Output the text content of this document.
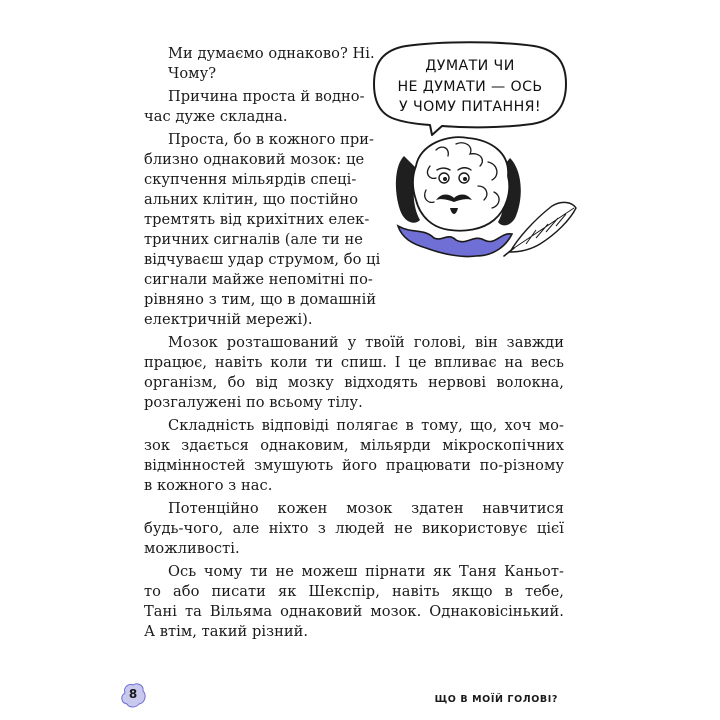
Ми думаємо однаково? Ні.
Чому?
Причина проста й водно-
час дуже складна.
Проста, бо в кожного при-
близно однаковий мозок: це
скупчення мільярдів спеці-
альних клітин, що постійно
тремтять від крихітних елек-
тричних сигналів (але ти не
відчуваєш удар струмом, бо ці
сигнали майже непомітні по-
рівняно з тим, що в домашній
електричній мережі).
Мозок розташований у твоїй голові, він завжди
працює, навіть коли ти спиш. І це впливає на весь
організм, бо від мозку відходять нервові волокна,
розгалужені по всьому тілу.
Складність відповіді полягає в тому, що, хоч мо-
зок здається однаковим, мільярди мікроскопічних
відмінностей змушують його працювати по-різному
в кожного з нас.
Потенційно кожен мозок здатен навчитися
будь-чого, але ніхто з людей не використовує цієї
можливості.
Ось чому ти не можеш пірнати як Таня Каньот-
то або писати як Шекспір, навіть якщо в тебе,
Тані та Вільяма однаковий мозок. Однаковісінький.
А втім, такий різний.
ДУМАТИ ЧИ
НЕ ДУМАТИ — ОСЬ
У ЧОМУ ПИТАННЯ!
8	ЩО В МОЇЙ ГОЛОВІ?
